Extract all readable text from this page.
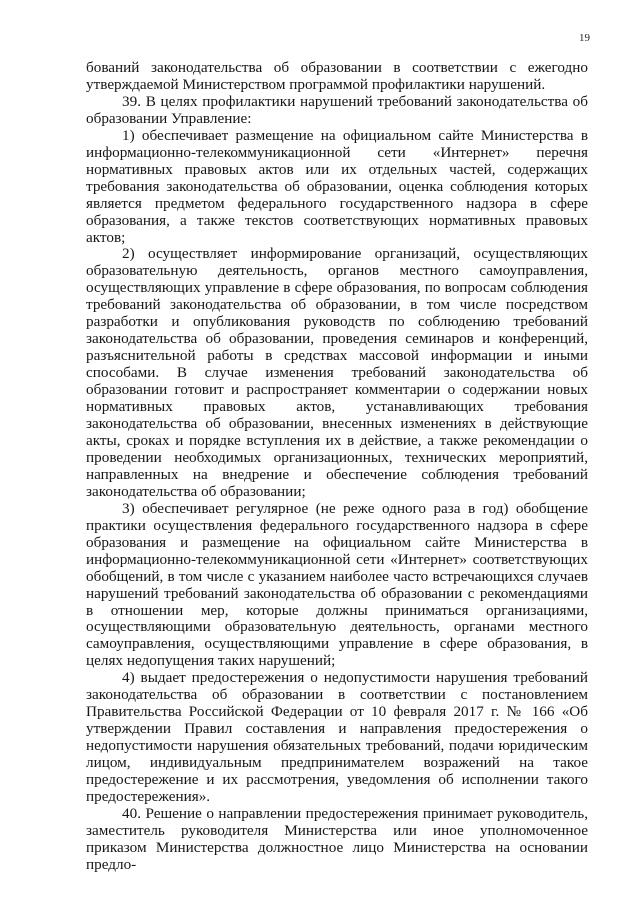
19

бований законодательства об образовании в соответствии с ежегодно утверждаемой Министерством программой профилактики нарушений.

39. В целях профилактики нарушений требований законодательства об образовании Управление:

1) обеспечивает размещение на официальном сайте Министерства в информационно-телекоммуникационной сети «Интернет» перечня нормативных правовых актов или их отдельных частей, содержащих требования законодательства об образовании, оценка соблюдения которых является предметом федерального государственного надзора в сфере образования, а также текстов соответствующих нормативных правовых актов;

2) осуществляет информирование организаций, осуществляющих образовательную деятельность, органов местного самоуправления, осуществляющих управление в сфере образования, по вопросам соблюдения требований законодательства об образовании, в том числе посредством разработки и опубликования руководств по соблюдению требований законодательства об образовании, проведения семинаров и конференций, разъяснительной работы в средствах массовой информации и иными способами. В случае изменения требований законодательства об образовании готовит и распространяет комментарии о содержании новых нормативных правовых актов, устанавливающих требования законодательства об образовании, внесенных изменениях в действующие акты, сроках и порядке вступления их в действие, а также рекомендации о проведении необходимых организационных, технических мероприятий, направленных на внедрение и обеспечение соблюдения требований законодательства об образовании;

3) обеспечивает регулярное (не реже одного раза в год) обобщение практики осуществления федерального государственного надзора в сфере образования и размещение на официальном сайте Министерства в информационно-телекоммуникационной сети «Интернет» соответствующих обобщений, в том числе с указанием наиболее часто встречающихся случаев нарушений требований законодательства об образовании с рекомендациями в отношении мер, которые должны приниматься организациями, осуществляющими образовательную деятельность, органами местного самоуправления, осуществляющими управление в сфере образования, в целях недопущения таких нарушений;

4) выдает предостережения о недопустимости нарушения требований законодательства об образовании в соответствии с постановлением Правительства Российской Федерации от 10 февраля 2017 г. № 166 «Об утверждении Правил составления и направления предостережения о недопустимости нарушения обязательных требований, подачи юридическим лицом, индивидуальным предпринимателем возражений на такое предостережение и их рассмотрения, уведомления об исполнении такого предостережения».

40. Решение о направлении предостережения принимает руководитель, заместитель руководителя Министерства или иное уполномоченное приказом Министерства должностное лицо Министерства на основании предло-
